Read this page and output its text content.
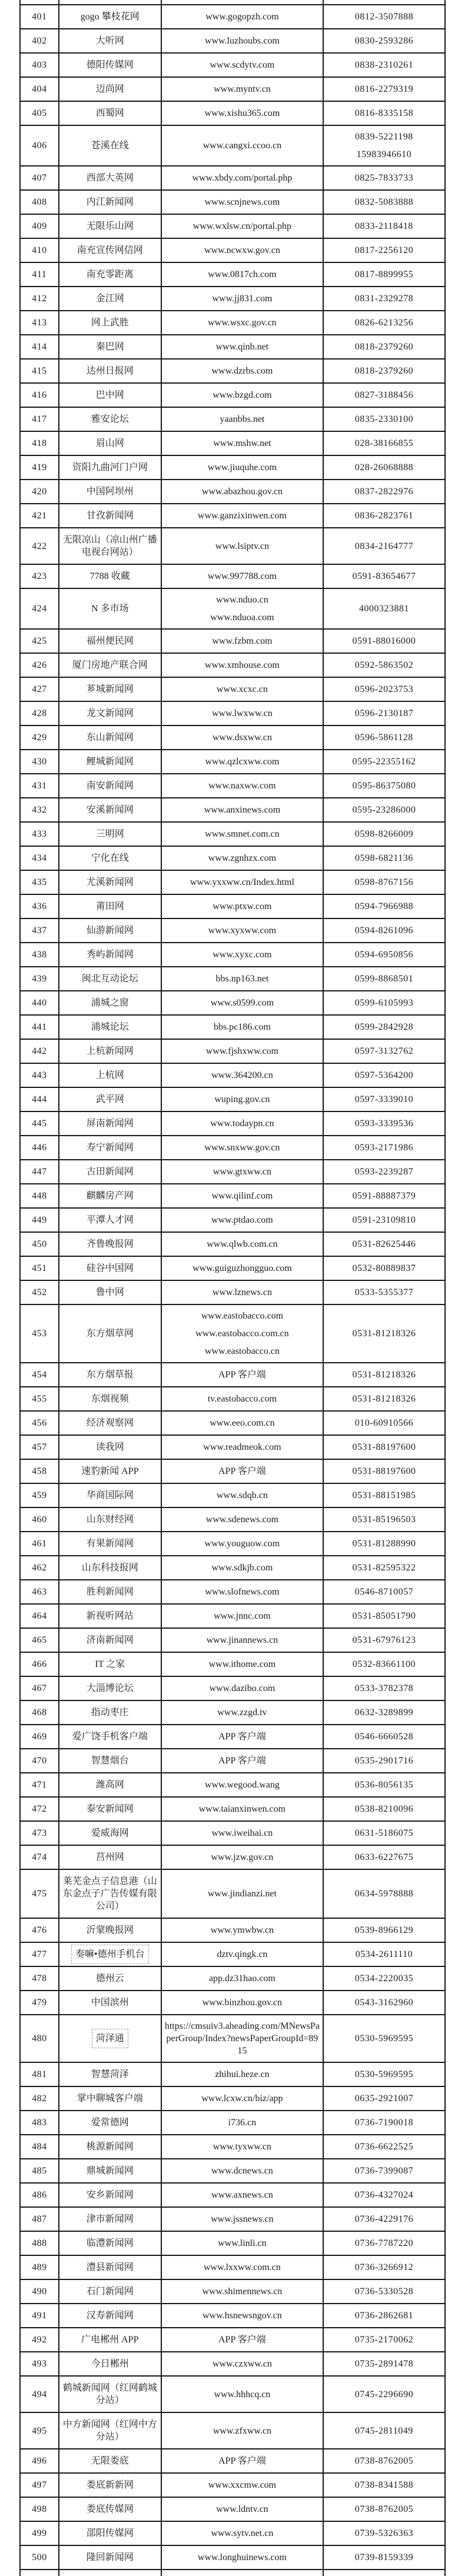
401	gogo 攀枝花网	www.gogopzh.com	0812-3507888

402	大听网	www.luzhoubs.com	0830-2593286

403	德阳传媒网	www.scdytv.com	0838-2310261

404	迈尚网	www.myntv.cn	0816-2279319

405	西蜀网	www.xishu365.com	0816-8335158

406	苍溪在线	www.cangxi.ccoo.cn	0839-5221198
15983946610

407	西部大英网	www.xbdy.com/portal.php	0825-7833733

408	内江新闻网	www.scnjnews.com	0832-5083888

409	无限乐山网	www.wxlsw.cn/portal.php	0833-2118418

410	南充宣传网信网	www.ncwxw.gov.cn	0817-2256120

411	南充零距离	www.0817ch.com	0817-8899955

412	金江网	www.jj831.com	0831-2329278

413	网上武胜	www.wsxc.gov.cn	0826-6213256

414	秦巴网	www.qinb.net	0818-2379260

415	达州日报网	www.dzrbs.com	0818-2379260

416	巴中网	www.bzgd.com	0827-3188456

417	雅安论坛	yaanbbs.net	0835-2330100

418	眉山网	www.mshw.net	028-38166855

419	资阳九曲河门户网	www.jiuquhe.com	028-26068888

420	中国阿坝州	www.abazhou.gov.cn	0837-2822976

421	甘孜新闻网	www.ganzixinwen.com	0836-2823761

422	无限凉山（凉山州广播电视台网站）	www.lsiptv.cn	0834-2164777

423	7788 收藏	www.997788.com	0591-83654677

424	N 多市场	www.nduo.cn
www.nduoa.com	4000323881

425	福州便民网	www.fzbm.com	0591-88016000

426	厦门房地产联合网	www.xmhouse.com	0592-5863502

427	芗城新闻网	www.xcxc.cn	0596-2023753

428	龙文新闻网	www.lwxww.cn	0596-2130187

429	东山新闻网	www.dsxww.cn	0596-5861128

430	鲤城新闻网	www.qzlcxww.com	0595-22355162

431	南安新闻网	www.naxww.com	0595-86375080

432	安溪新闻网	www.anxinews.com	0595-23286000

433	三明网	www.smnet.com.cn	0598-8266009

434	宁化在线	www.zgnhzx.com	0598-6821136

435	尤溪新闻网	www.yxxww.cn/Index.html	0598-8767156

436	莆田网	www.ptxw.com	0594-7966988

437	仙游新闻网	www.xyxww.com	0594-8261096

438	秀屿新闻网	www.xyxc.com	0594-6950856

439	闽北互动论坛	bbs.np163.net	0599-8868501

440	浦城之窗	www.s0599.com	0599-6105993

441	浦城论坛	bbs.pc186.com	0599-2842928

442	上杭新闻网	www.fjshxww.com	0597-3132762

443	上杭网	www.364200.cn	0597-5364200

444	武平网	wuping.gov.cn	0597-3339010

445	屏南新闻网	www.todaypn.cn	0593-3339536

446	寿宁新闻网	www.snxww.gov.cn	0593-2171986

447	古田新闻网	www.gtxww.cn	0593-2239287

448	麒麟房产网	www.qilinf.com	0591-88887379

449	平潭人才网	www.ptdao.com	0591-23109810

450	齐鲁晚报网	www.qlwb.com.cn	0531-82625446

451	硅谷中国网	www.guiguzhongguo.com	0532-80889837

452	鲁中网	www.lznews.cn	0533-5355377

453	东方烟草网	www.eastobacco.com
www.eastobacco.com.cn
www.eastobacco.cn	0531-81218326

454	东方烟草报	APP 客户端	0531-81218326

455	东烟视频	tv.eastobacco.com	0531-81218326

456	经济观察网	www.eeo.com.cn	010-60910566

457	读我网	www.readmeok.com	0531-88197600

458	速豹新闻 APP	APP 客户端	0531-88197600

459	华商国际网	www.sdqb.cn	0531-88151985

460	山东财经网	www.sdenews.com	0531-85196503

461	有果新闻网	www.youguow.com	0531-81288990

462	山东科技报网	www.sdkjb.com	0531-82595322

463	胜利新闻网	www.slofnews.com	0546-8710057

464	新视听网站	www.jnnc.com	0531-85051790

465	济南新闻网	www.jinannews.cn	0531-67976123

466	IT 之家	www.ithome.com	0532-83661100

467	大淄博论坛	www.dazibo.com	0533-3782378

468	指动枣庄	www.zzgd.tv	0632-3289899

469	爱广饶手机客户端	APP 客户端	0546-6660528

470	智慧烟台	APP 客户端	0535-2901716

471	潍高网	www.wegood.wang	0536-8056135

472	泰安新闻网	www.taianxinwen.com	0538-8210096

473	爱威海网	www.iweihai.cn	0631-5186075

474	莒州网	www.jzw.gov.cn	0633-6227675

475	莱芜金点子信息港（山东金点子广告传媒有限公司）	www.jindianzi.net	0634-5978888

476	沂蒙晚报网	www.ymwbw.cn	0539-8966129

477	奏嘛•德州手机台	dztv.qingk.cn	0534-2611110

478	德州云	app.dz31hao.com	0534-2220035

479	中国滨州	www.binzhou.gov.cn	0543-3162960

480	菏泽通	https://cmsuiv3.aheading.com/MNewsPaperGroup/Index?newsPaperGroupId=8915	0530-5969595

481	智慧菏泽	zhihui.heze.cn	0530-5969595

482	掌中聊城客户端	www.lcxw.cn/biz/app	0635-2921007

483	爱常德网	i736.cn	0736-7190018

484	桃源新闻网	www.tyxww.cn	0736-6622525

485	鼎城新闻网	www.dcnews.cn	0736-7399087

486	安乡新闻网	www.axnews.cn	0736-4327024

487	津市新闻网	www.jssnews.cn	0736-4229176

488	临澧新闻网	www.linli.cn	0736-7787220

489	澧县新闻网	www.lxxww.com.cn	0736-3266912

490	石门新闻网	www.shimennews.cn	0736-5330528

491	汉寿新闻网	www.hsnewsngov.cn	0736-2862681

492	广电郴州 APP	APP 客户端	0735-2170062

493	今日郴州	www.czxww.cn	0735-2891478

494	鹤城新闻网（红网鹤城分站）	www.hhhcq.cn	0745-2296690

495	中方新闻网（红网中方分站）	www.zfxww.cn	0745-2811049

496	无限娄底	APP 客户端	0738-8762005

497	娄底新新网	www.xxcmw.com	0738-8341588

498	娄底传媒网	www.ldntv.cn	0738-8762005

499	邵阳传媒网	www.sytv.net.cn	0739-5326363

500	隆回新闻网	www.longhuinews.com	0739-8159339
